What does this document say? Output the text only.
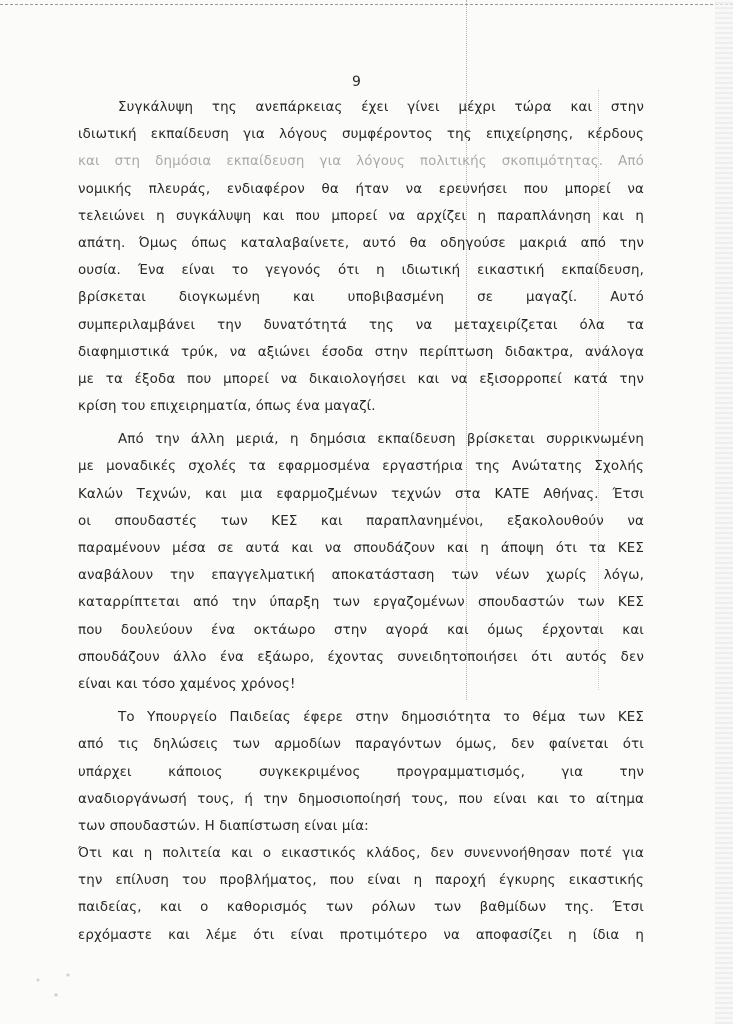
9
Συγκάλυψη της ανεπάρκειας έχει γίνει μέχρι τώρα και στην
ιδιωτική εκπαίδευση για λόγους συμφέροντος της επιχείρησης, κέρδους
και στη δημόσια εκπαίδευση για λόγους πολιτικής σκοπιμότητας. Από
νομικής πλευράς, ενδιαφέρον θα ήταν να ερευνήσει που μπορεί να
τελειώνει η συγκάλυψη και που μπορεί να αρχίζει η παραπλάνηση και η
απάτη. Όμως όπως καταλαβαίνετε, αυτό θα οδηγούσε μακριά από την
ουσία. Ένα είναι το γεγονός ότι η ιδιωτική εικαστική εκπαίδευση,
βρίσκεται διογκωμένη και υποβιβασμένη σε μαγαζί. Αυτό
συμπεριλαμβάνει την δυνατότητά της να μεταχειρίζεται όλα τα
διαφημιστικά τρύκ, να αξιώνει έσοδα στην περίπτωση διδακτρα, ανάλογα
με τα έξοδα που μπορεί να δικαιολογήσει και να εξισορροπεί κατά την
κρίση του επιχειρηματία, όπως ένα μαγαζί.
Από την άλλη μεριά, η δημόσια εκπαίδευση βρίσκεται συρρικνωμένη
με μοναδικές σχολές τα εφαρμοσμένα εργαστήρια της Ανώτατης Σχολής
Καλών Τεχνών, και μια εφαρμοζμένων τεχνών στα ΚΑΤΕ Αθήνας. Έτσι
οι σπουδαστές των ΚΕΣ και παραπλανημένοι, εξακολουθούν να
παραμένουν μέσα σε αυτά και να σπουδάζουν και η άποψη ότι τα ΚΕΣ
αναβάλουν την επαγγελματική αποκατάσταση των νέων χωρίς λόγω,
καταρρίπτεται από την ύπαρξη των εργαζομένων σπουδαστών των ΚΕΣ
που δουλεύουν ένα οκτάωρο στην αγορά και όμως έρχονται και
σπουδάζουν άλλο ένα εξάωρο, έχοντας συνειδητοποιήσει ότι αυτός δεν
είναι και τόσο χαμένος χρόνος!
Το Υπουργείο Παιδείας έφερε στην δημοσιότητα το θέμα των ΚΕΣ
από τις δηλώσεις των αρμοδίων παραγόντων όμως, δεν φαίνεται ότι
υπάρχει κάποιος συγκεκριμένος προγραμματισμός, για την
αναδιοργάνωσή τους, ή την δημοσιοποίησή τους, που είναι και το αίτημα
των σπουδαστών. Η διαπίστωση είναι μία:
Ότι και η πολιτεία και ο εικαστικός κλάδος, δεν συνεννοήθησαν ποτέ για
την επίλυση του προβλήματος, που είναι η παροχή έγκυρης εικαστικής
παιδείας, και ο καθορισμός των ρόλων των βαθμίδων της. Έτσι
ερχόμαστε και λέμε ότι είναι προτιμότερο να αποφασίζει η ίδια η
